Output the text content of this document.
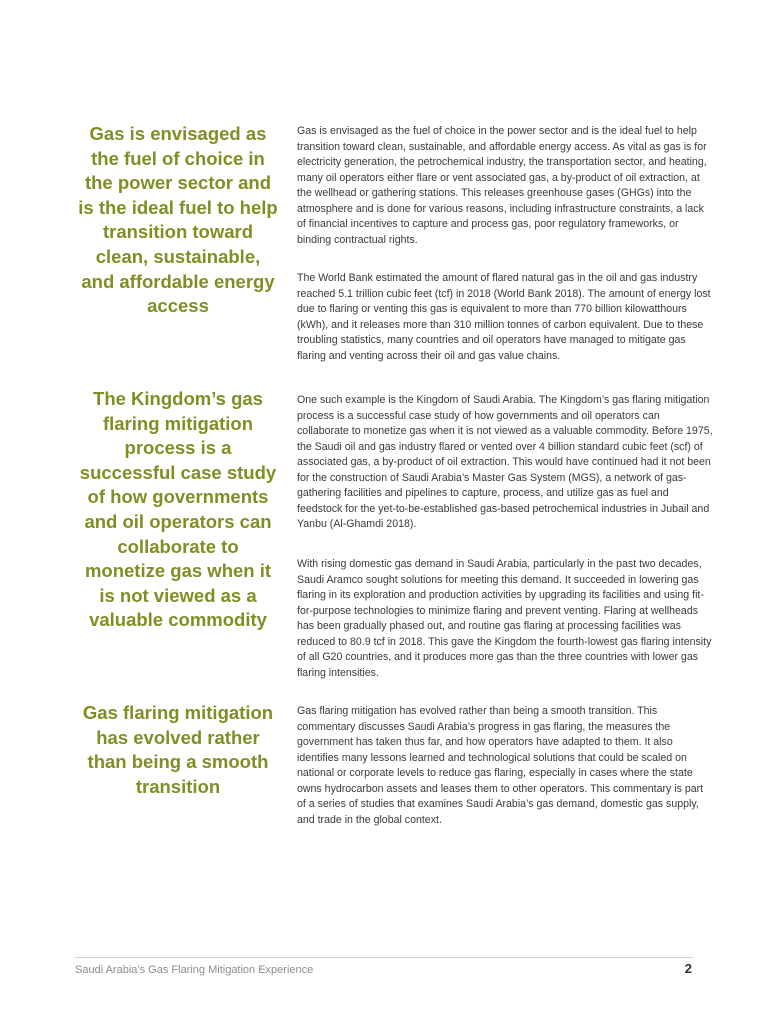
Gas is envisaged as the fuel of choice in the power sector and is the ideal fuel to help transition toward clean, sustainable, and affordable energy access

The Kingdom’s gas flaring mitigation process is a successful case study of how governments and oil operators can collaborate to monetize gas when it is not viewed as a valuable commodity

Gas flaring mitigation has evolved rather than being a smooth transition

Gas is envisaged as the fuel of choice in the power sector and is the ideal fuel to help transition toward clean, sustainable, and affordable energy access. As vital as gas is for electricity generation, the petrochemical industry, the transportation sector, and heating, many oil operators either flare or vent associated gas, a by-product of oil extraction, at the wellhead or gathering stations. This releases greenhouse gases (GHGs) into the atmosphere and is done for various reasons, including infrastructure constraints, a lack of financial incentives to capture and process gas, poor regulatory frameworks, or binding contractual rights.

The World Bank estimated the amount of flared natural gas in the oil and gas industry reached 5.1 trillion cubic feet (tcf) in 2018 (World Bank 2018). The amount of energy lost due to flaring or venting this gas is equivalent to more than 770 billion kilowatthours (kWh), and it releases more than 310 million tonnes of carbon equivalent. Due to these troubling statistics, many countries and oil operators have managed to mitigate gas flaring and venting across their oil and gas value chains.

One such example is the Kingdom of Saudi Arabia. The Kingdom’s gas flaring mitigation process is a successful case study of how governments and oil operators can collaborate to monetize gas when it is not viewed as a valuable commodity. Before 1975, the Saudi oil and gas industry flared or vented over 4 billion standard cubic feet (scf) of associated gas, a by-product of oil extraction. This would have continued had it not been for the construction of Saudi Arabia’s Master Gas System (MGS), a network of gas-gathering facilities and pipelines to capture, process, and utilize gas as fuel and feedstock for the yet-to-be-established gas-based petrochemical industries in Jubail and Yanbu (Al-Ghamdi 2018).

With rising domestic gas demand in Saudi Arabia, particularly in the past two decades, Saudi Aramco sought solutions for meeting this demand. It succeeded in lowering gas flaring in its exploration and production activities by upgrading its facilities and using fit-for-purpose technologies to minimize flaring and prevent venting. Flaring at wellheads has been gradually phased out, and routine gas flaring at processing facilities was reduced to 80.9 tcf in 2018. This gave the Kingdom the fourth-lowest gas flaring intensity of all G20 countries, and it produces more gas than the three countries with lower gas flaring intensities.

Gas flaring mitigation has evolved rather than being a smooth transition. This commentary discusses Saudi Arabia’s progress in gas flaring, the measures the government has taken thus far, and how operators have adapted to them. It also identifies many lessons learned and technological solutions that could be scaled on national or corporate levels to reduce gas flaring, especially in cases where the state owns hydrocarbon assets and leases them to other operators. This commentary is part of a series of studies that examines Saudi Arabia’s gas demand, domestic gas supply, and trade in the global context.

Saudi Arabia’s Gas Flaring Mitigation Experience	2
